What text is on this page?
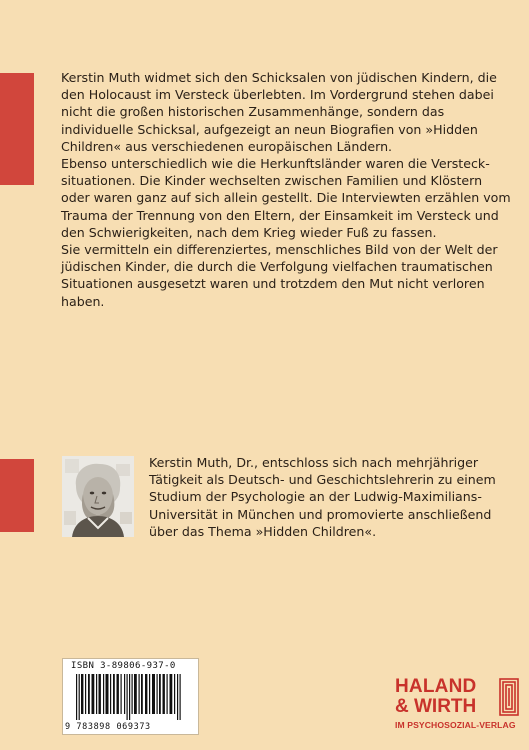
Kerstin Muth widmet sich den Schicksalen von jüdischen Kindern, die den Holocaust im Versteck überlebten. Im Vordergrund stehen dabei nicht die großen historischen Zusammenhänge, sondern das individuelle Schicksal, aufgezeigt an neun Biografien von »Hidden Children« aus verschiedenen europäischen Ländern.

Ebenso unterschiedlich wie die Herkunftsländer waren die Verstecksituationen. Die Kinder wechselten zwischen Familien und Klöstern oder waren ganz auf sich allein gestellt. Die Interviewten erzählen vom Trauma der Trennung von den Eltern, der Einsamkeit im Versteck und den Schwierigkeiten, nach dem Krieg wieder Fuß zu fassen.

Sie vermitteln ein differenziertes, menschliches Bild von der Welt der jüdischen Kinder, die durch die Verfolgung vielfachen traumatischen Situationen ausgesetzt waren und trotzdem den Mut nicht verloren haben.

Kerstin Muth, Dr., entschloss sich nach mehrjähriger Tätigkeit als Deutsch- und Geschichtslehrerin zu einem Studium der Psychologie an der Ludwig-Maximilians-Universität in München und promovierte anschließend über das Thema »Hidden Children«.

ISBN 3-89806-937-0
9 783898 069373
HALAND
& WIRTH
IM PSYCHOSOZIAL-VERLAG
